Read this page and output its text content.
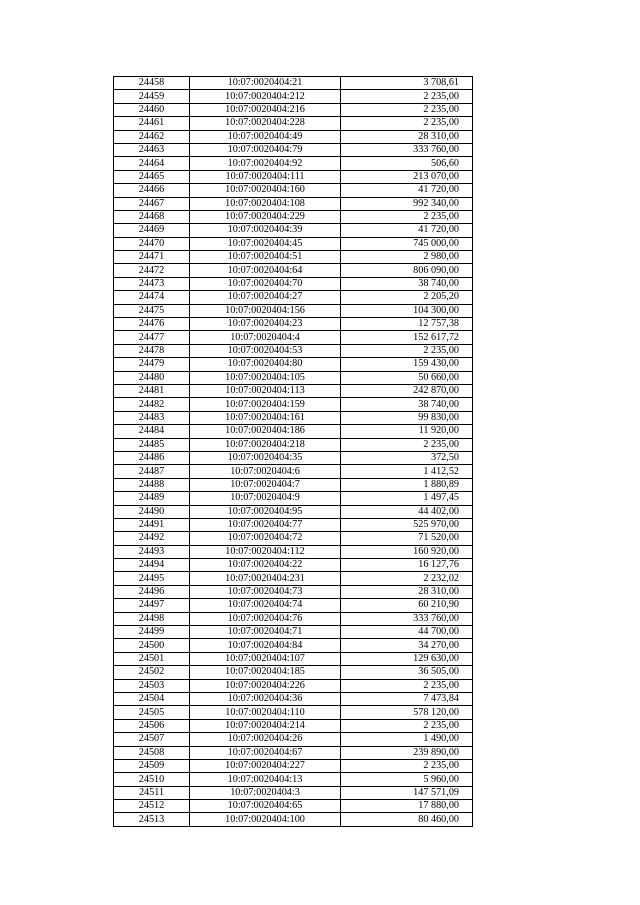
24458	10:07:0020404:21	3 708,61
24459	10:07:0020404:212	2 235,00
24460	10:07:0020404:216	2 235,00
24461	10:07:0020404:228	2 235,00
24462	10:07:0020404:49	28 310,00
24463	10:07:0020404:79	333 760,00
24464	10:07:0020404:92	506,60
24465	10:07:0020404:111	213 070,00
24466	10:07:0020404:160	41 720,00
24467	10:07:0020404:108	992 340,00
24468	10:07:0020404:229	2 235,00
24469	10:07:0020404:39	41 720,00
24470	10:07:0020404:45	745 000,00
24471	10:07:0020404:51	2 980,00
24472	10:07:0020404:64	806 090,00
24473	10:07:0020404:70	38 740,00
24474	10:07:0020404:27	2 205,20
24475	10:07:0020404:156	104 300,00
24476	10:07:0020404:23	12 757,38
24477	10:07:0020404:4	152 617,72
24478	10:07:0020404:53	2 235,00
24479	10:07:0020404:80	159 430,00
24480	10:07:0020404:105	50 660,00
24481	10:07:0020404:113	242 870,00
24482	10:07:0020404:159	38 740,00
24483	10:07:0020404:161	99 830,00
24484	10:07:0020404:186	11 920,00
24485	10:07:0020404:218	2 235,00
24486	10:07:0020404:35	372,50
24487	10:07:0020404:6	1 412,52
24488	10:07:0020404:7	1 880,89
24489	10:07:0020404:9	1 497,45
24490	10:07:0020404:95	44 402,00
24491	10:07:0020404:77	525 970,00
24492	10:07:0020404:72	71 520,00
24493	10:07:0020404:112	160 920,00
24494	10:07:0020404:22	16 127,76
24495	10:07:0020404:231	2 232,02
24496	10:07:0020404:73	28 310,00
24497	10:07:0020404:74	60 210,90
24498	10:07:0020404:76	333 760,00
24499	10:07:0020404:71	44 700,00
24500	10:07:0020404:84	34 270,00
24501	10:07:0020404:107	129 630,00
24502	10:07:0020404:185	36 505,00
24503	10:07:0020404:226	2 235,00
24504	10:07:0020404:36	7 473,84
24505	10:07:0020404:110	578 120,00
24506	10:07:0020404:214	2 235,00
24507	10:07:0020404:26	1 490,00
24508	10:07:0020404:67	239 890,00
24509	10:07:0020404:227	2 235,00
24510	10:07:0020404:13	5 960,00
24511	10:07:0020404:3	147 571,09
24512	10:07:0020404:65	17 880,00
24513	10:07:0020404:100	80 460,00
